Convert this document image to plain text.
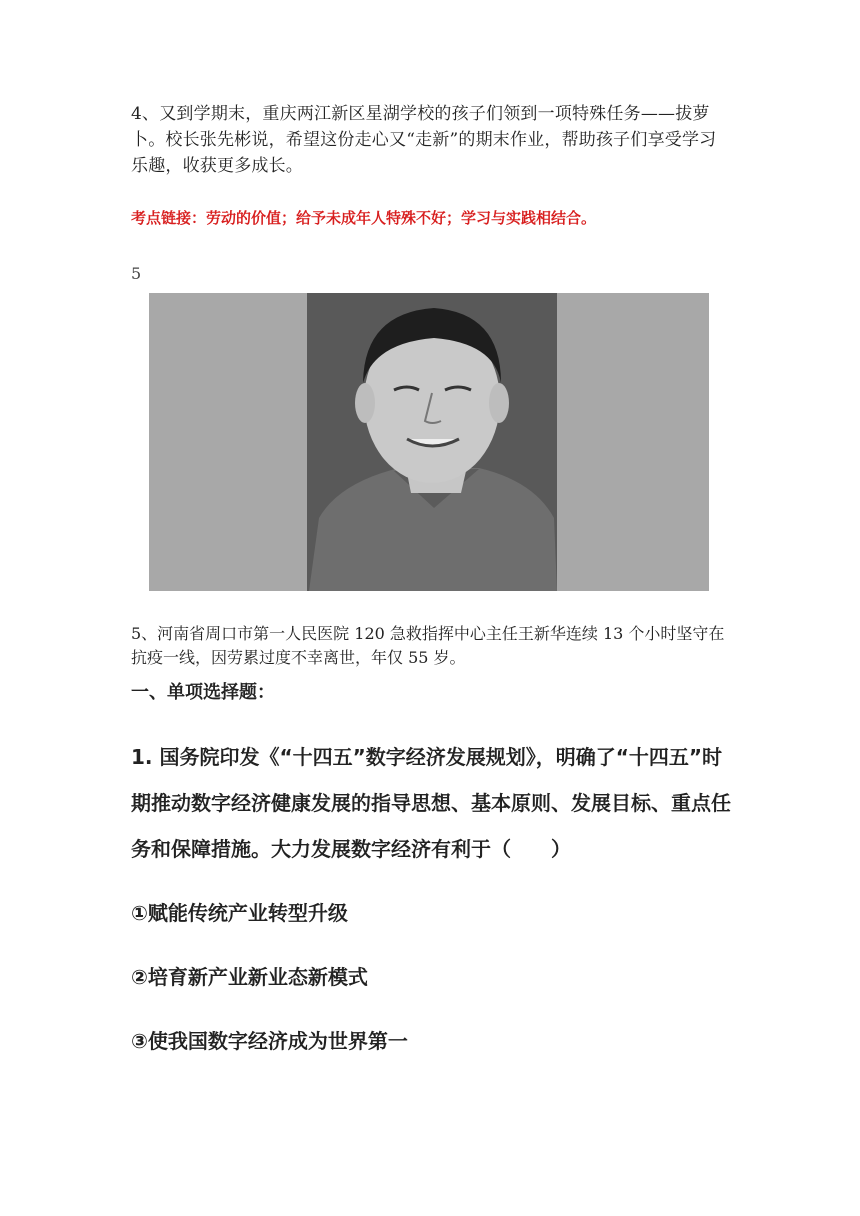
4、又到学期末，重庆两江新区星湖学校的孩子们领到一项特殊任务——拔萝卜。校长张先彬说，希望这份走心又“走新”的期末作业，帮助孩子们享受学习乐趣，收获更多成长。
考点链接：劳动的价值；给予未成年人特殊不好；学习与实践相结合。
5
5、河南省周口市第一人民医院 120 急救指挥中心主任王新华连续 13 个小时坚守在抗疫一线，因劳累过度不幸离世，年仅 55 岁。
一、单项选择题：
1. 国务院印发《“十四五”数字经济发展规划》，明确了“十四五”时期推动数字经济健康发展的指导思想、基本原则、发展目标、重点任务和保障措施。大力发展数字经济有利于（　　）
①赋能传统产业转型升级
②培育新产业新业态新模式
③使我国数字经济成为世界第一
